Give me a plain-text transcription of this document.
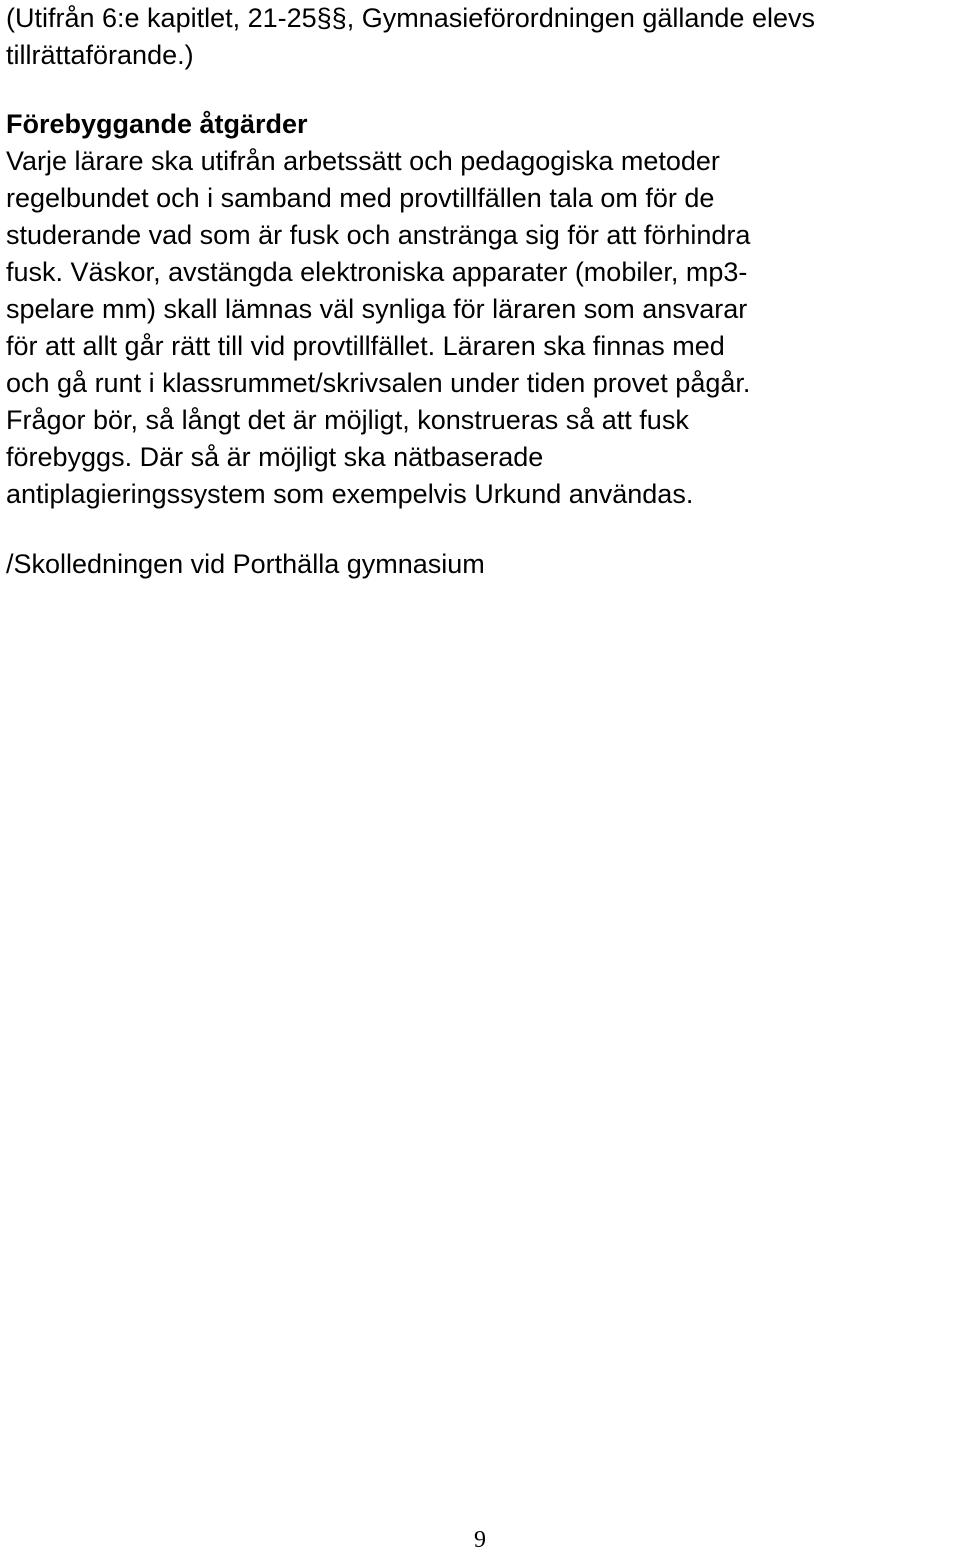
(Utifrån 6:e kapitlet, 21-25§§, Gymnasieförordningen gällande elevs
tillrättaförande.)
Förebyggande åtgärder
Varje lärare ska utifrån arbetssätt och pedagogiska metoder
regelbundet och i samband med provtillfällen tala om för de
studerande vad som är fusk och anstränga sig för att förhindra
fusk. Väskor, avstängda elektroniska apparater (mobiler, mp3-
spelare mm) skall lämnas väl synliga för läraren som ansvarar
för att allt går rätt till vid provtillfället. Läraren ska finnas med
och gå runt i klassrummet/skrivsalen under tiden provet pågår.
Frågor bör, så långt det är möjligt, konstrueras så att fusk
förebyggs. Där så är möjligt ska nätbaserade
antiplagieringssystem som exempelvis Urkund användas.
/Skolledningen vid Porthälla gymnasium
9
